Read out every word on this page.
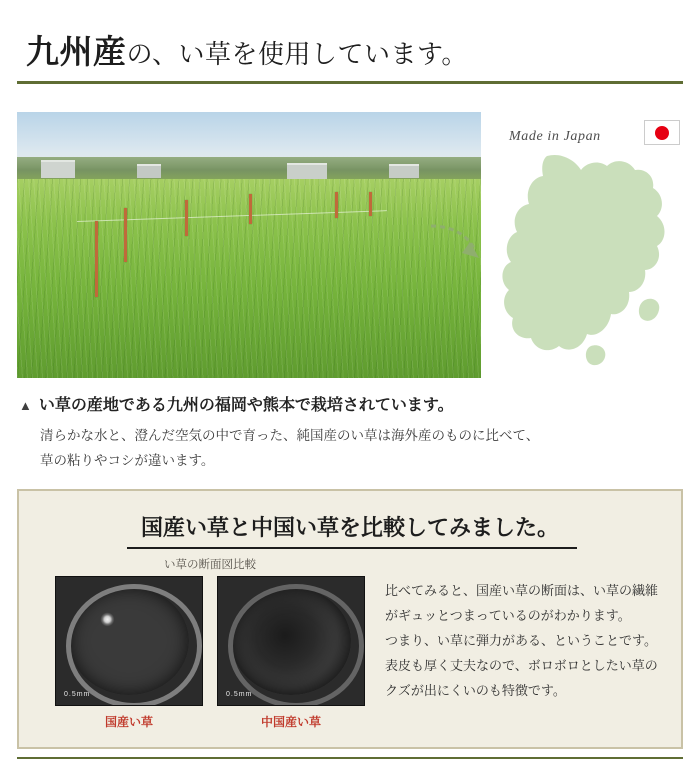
九州産の、い草を使用しています。
Made in Japan
▲ い草の産地である九州の福岡や熊本で栽培されています。
清らかな水と、澄んだ空気の中で育った、純国産のい草は海外産のものに比べて、
草の粘りやコシが違います。
国産い草と中国い草を比較してみました。
い草の断面図比較
0.5mm	0.5mm
国産い草	中国産い草
比べてみると、国産い草の断面は、い草の繊維
がギュッとつまっているのがわかります。
つまり、い草に弾力がある、ということです。
表皮も厚く丈夫なので、ボロボロとしたい草の
クズが出にくいのも特徴です。
